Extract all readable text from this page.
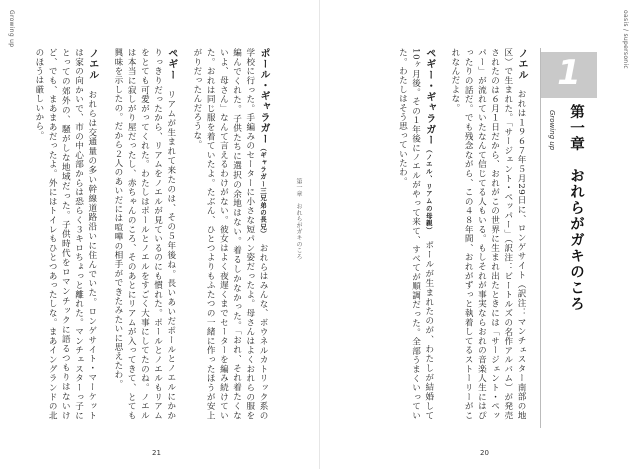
Growing up
第一章　おれらがガキのころ
21
ポール・ギャラガー（ギャラガー三兄弟の長兄）　おれらはみんな、ボウネルカトリック系の学校に行った。手編みのセーターに小さな短パン姿だったよ。母さんはよくおれらの服を編んでくれた。子供たちに選択の余地はない。着るしかなかった。「おれ、それ着たくないよ、母さん」なんて言えるわけがない。彼女はよく夜遅くまでセーターを編み続けていた。おれは同じ服を着ていたよ。たぶん、ひとつよりもふたつの一緒に作ったほうが安上がりだったんだろうな。
ペギー　リアムが生まれて来たのは、その５年後ね。長いあいだポールとノエルにかかりっきりだったから、リアムをノエルが見ているのにも慣れた。ポールとノエルもリアムをとても可愛がってくれた。わたしはポールとノエルをすごく大事にしてたのね。ノエルは本当に寂しがり屋だったし、赤ちゃんのころ、そのあとにリアムが入ってきて、とても興味を示したの。だから２人のあいだには喧嘩の相手ができたみたいに思えたわ。
ノエル　おれらは交通量の多い幹線道路沿いに住んでいた。ロンゲサイト・マーケットは家の向かいで、市の中心部からは恐らく３キロちょっと離れた。マンチェスターっ子にとっての郊外の、騒がしな地域だった。子供時代をロマンチックに語るつもりはないけど、でも、まあまあだったよ。外にはトイレもひとつあったしな。まあイングランドの北のほうは厳しいから。
oasis / supersonic
20
ノエル　おれは１９６７年５月29日に、ロンゲサイト（訳注：マンチェスター南部の地区）で生まれた。「サージェント・ペッパー」（訳注：ビートルズの名作アルバム）が発売されたのは６月１日だから、おれがこの世界に生まれ出たときには「サージェント・ペッパー」が流れていたなんて信じてる人もいる。もしそれが事実ならおれの音楽人生にはぴったりの話だ。でも残念ながら、この４８年間、おれがずっと執着してるストーリーがこれなんだよな。
ペギー・ギャラガー（ノエル、リアムの母親）　ポールが生まれたのが、わたしが結婚して10ヶ月後。その１年後にノエルがやって来て、すべてが順調だった。全部うまくいっていた。わたしはそう思っていたわ。	1
第一章　おれらがガキのころ
Growing up
